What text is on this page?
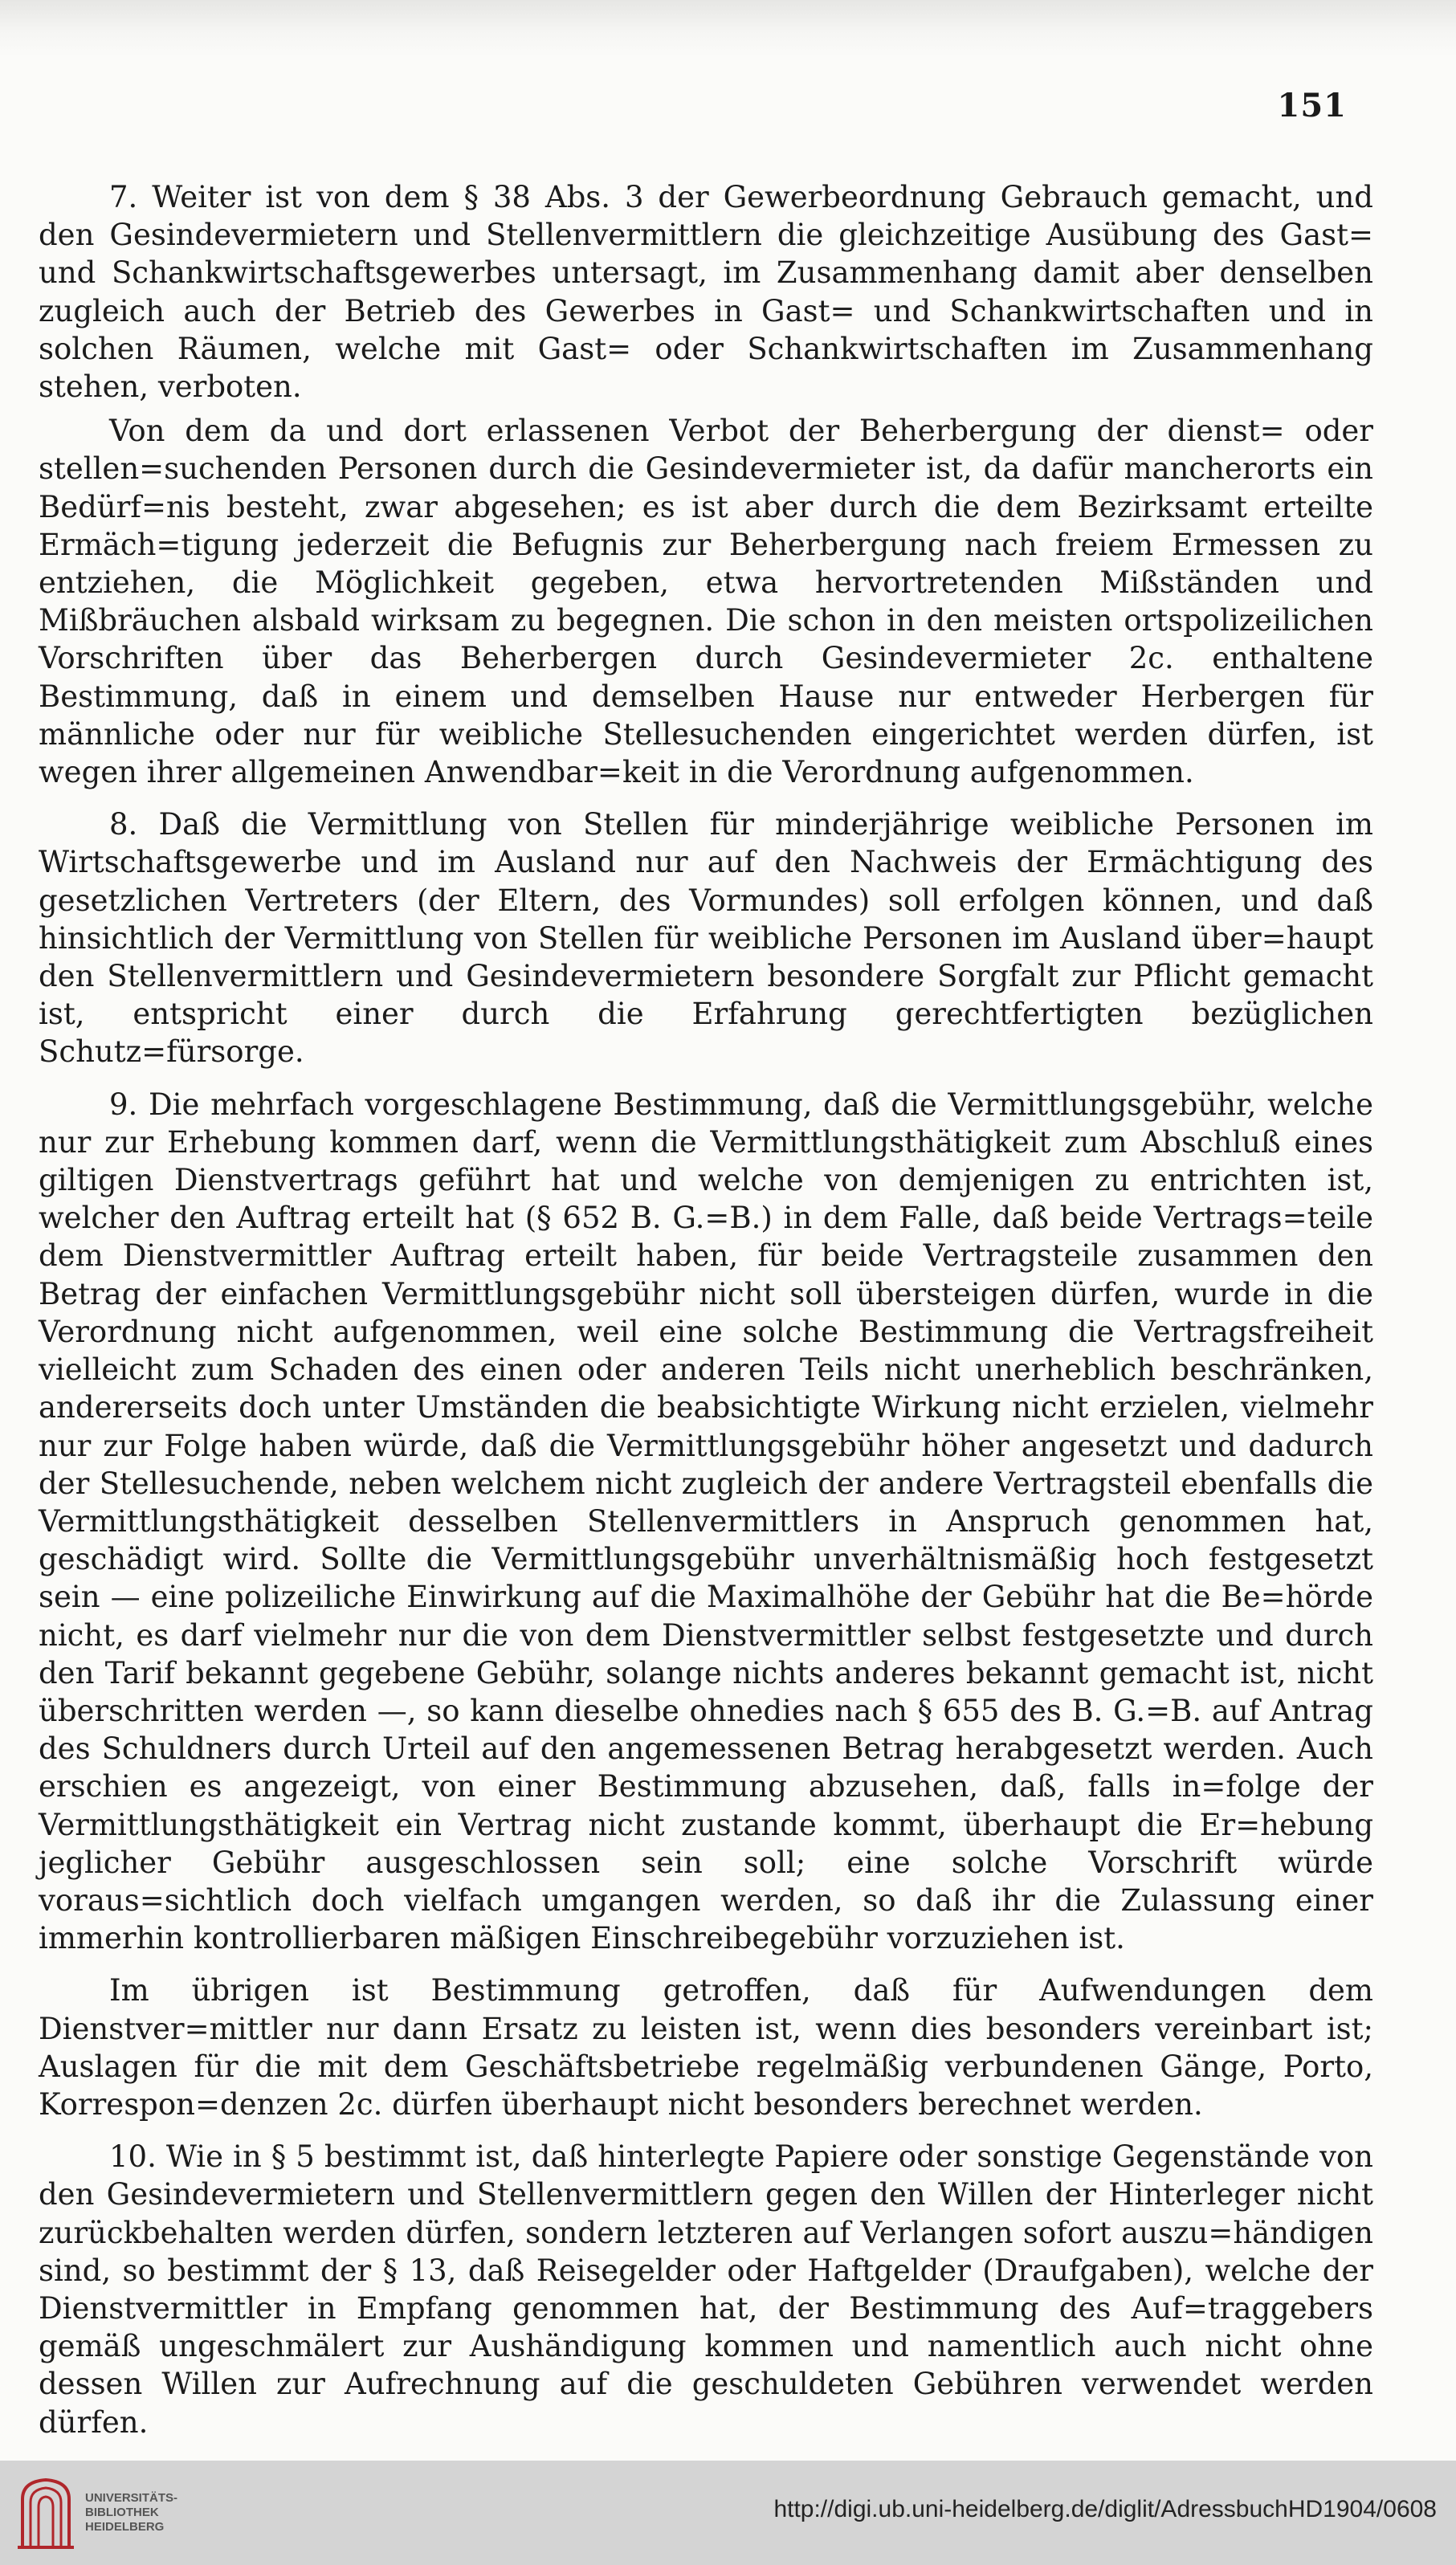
151

7. Weiter ist von dem § 38 Abs. 3 der Gewerbeordnung Gebrauch gemacht, und den Gesindevermietern und Stellenvermittlern die gleichzeitige Ausübung des Gast= und Schankwirtschaftsgewerbes untersagt, im Zusammenhang damit aber denselben zugleich auch der Betrieb des Gewerbes in Gast= und Schankwirtschaften und in solchen Räumen, welche mit Gast= oder Schankwirtschaften im Zusammenhang stehen, verboten.

Von dem da und dort erlassenen Verbot der Beherbergung der dienst= oder stellen=suchenden Personen durch die Gesindevermieter ist, da dafür mancherorts ein Bedürf=nis besteht, zwar abgesehen; es ist aber durch die dem Bezirksamt erteilte Ermäch=tigung jederzeit die Befugnis zur Beherbergung nach freiem Ermessen zu entziehen, die Möglichkeit gegeben, etwa hervortretenden Mißständen und Mißbräuchen alsbald wirksam zu begegnen. Die schon in den meisten ortspolizeilichen Vorschriften über das Beherbergen durch Gesindevermieter 2c. enthaltene Bestimmung, daß in einem und demselben Hause nur entweder Herbergen für männliche oder nur für weibliche Stellesuchenden eingerichtet werden dürfen, ist wegen ihrer allgemeinen Anwendbar=keit in die Verordnung aufgenommen.

8. Daß die Vermittlung von Stellen für minderjährige weibliche Personen im Wirtschaftsgewerbe und im Ausland nur auf den Nachweis der Ermächtigung des gesetzlichen Vertreters (der Eltern, des Vormundes) soll erfolgen können, und daß hinsichtlich der Vermittlung von Stellen für weibliche Personen im Ausland über=haupt den Stellenvermittlern und Gesindevermietern besondere Sorgfalt zur Pflicht gemacht ist, entspricht einer durch die Erfahrung gerechtfertigten bezüglichen Schutz=fürsorge.

9. Die mehrfach vorgeschlagene Bestimmung, daß die Vermittlungsgebühr, welche nur zur Erhebung kommen darf, wenn die Vermittlungsthätigkeit zum Abschluß eines giltigen Dienstvertrags geführt hat und welche von demjenigen zu entrichten ist, welcher den Auftrag erteilt hat (§ 652 B. G.=B.) in dem Falle, daß beide Vertrags=teile dem Dienstvermittler Auftrag erteilt haben, für beide Vertragsteile zusammen den Betrag der einfachen Vermittlungsgebühr nicht soll übersteigen dürfen, wurde in die Verordnung nicht aufgenommen, weil eine solche Bestimmung die Vertragsfreiheit vielleicht zum Schaden des einen oder anderen Teils nicht unerheblich beschränken, andererseits doch unter Umständen die beabsichtigte Wirkung nicht erzielen, vielmehr nur zur Folge haben würde, daß die Vermittlungsgebühr höher angesetzt und dadurch der Stellesuchende, neben welchem nicht zugleich der andere Vertragsteil ebenfalls die Vermittlungsthätigkeit desselben Stellenvermittlers in Anspruch genommen hat, geschädigt wird. Sollte die Vermittlungsgebühr unverhältnismäßig hoch festgesetzt sein — eine polizeiliche Einwirkung auf die Maximalhöhe der Gebühr hat die Be=hörde nicht, es darf vielmehr nur die von dem Dienstvermittler selbst festgesetzte und durch den Tarif bekannt gegebene Gebühr, solange nichts anderes bekannt gemacht ist, nicht überschritten werden —, so kann dieselbe ohnedies nach § 655 des B. G.=B. auf Antrag des Schuldners durch Urteil auf den angemessenen Betrag herabgesetzt werden. Auch erschien es angezeigt, von einer Bestimmung abzusehen, daß, falls in=folge der Vermittlungsthätigkeit ein Vertrag nicht zustande kommt, überhaupt die Er=hebung jeglicher Gebühr ausgeschlossen sein soll; eine solche Vorschrift würde voraus=sichtlich doch vielfach umgangen werden, so daß ihr die Zulassung einer immerhin kontrollierbaren mäßigen Einschreibegebühr vorzuziehen ist.

Im übrigen ist Bestimmung getroffen, daß für Aufwendungen dem Dienstver=mittler nur dann Ersatz zu leisten ist, wenn dies besonders vereinbart ist; Auslagen für die mit dem Geschäftsbetriebe regelmäßig verbundenen Gänge, Porto, Korrespon=denzen 2c. dürfen überhaupt nicht besonders berechnet werden.

10. Wie in § 5 bestimmt ist, daß hinterlegte Papiere oder sonstige Gegenstände von den Gesindevermietern und Stellenvermittlern gegen den Willen der Hinterleger nicht zurückbehalten werden dürfen, sondern letzteren auf Verlangen sofort auszu=händigen sind, so bestimmt der § 13, daß Reisegelder oder Haftgelder (Draufgaben), welche der Dienstvermittler in Empfang genommen hat, der Bestimmung des Auf=traggebers gemäß ungeschmälert zur Aushändigung kommen und namentlich auch nicht ohne dessen Willen zur Aufrechnung auf die geschuldeten Gebühren verwendet werden dürfen.

UNIVERSITÄTS-
BIBLIOTHEK
HEIDELBERG
http://digi.ub.uni-heidelberg.de/diglit/AdressbuchHD1904/0608
